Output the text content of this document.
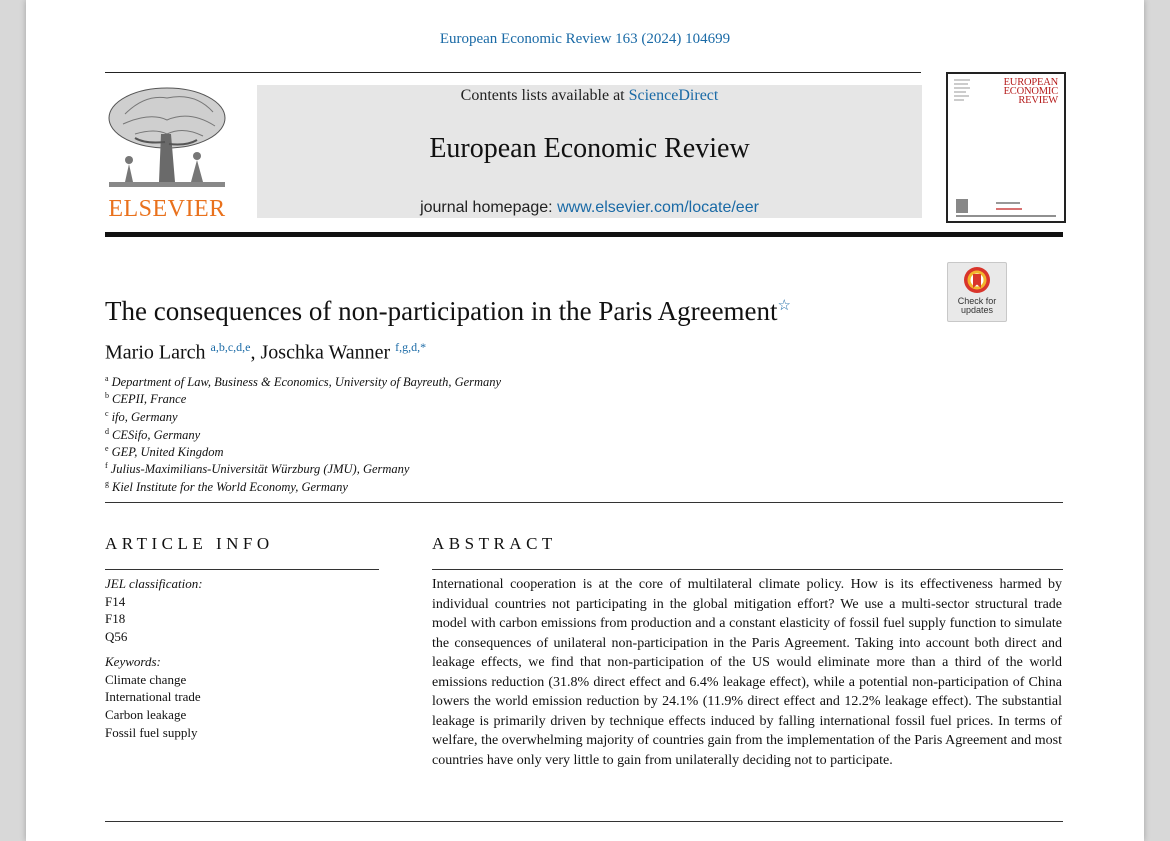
European Economic Review 163 (2024) 104699
ELSEVIER
Contents lists available at ScienceDirect
European Economic Review
journal homepage: www.elsevier.com/locate/eer
EUROPEAN
ECONOMIC
REVIEW
Check for
updates
The consequences of non-participation in the Paris Agreement☆
Mario Larch $^{a,b,c,d,e}$, Joschka Wanner $^{f,g,d,*}$
$^a$ Department of Law, Business & Economics, University of Bayreuth, Germany
$^b$ CEPII, France
$^c$ ifo, Germany
$^d$ CESifo, Germany
$^e$ GEP, United Kingdom
$^f$ Julius-Maximilians-Universität Würzburg (JMU), Germany
$^g$ Kiel Institute for the World Economy, Germany
ARTICLE INFO	ABSTRACT
JEL classification:
F14
F18
Q56
Keywords:
Climate change
International trade
Carbon leakage
Fossil fuel supply
International cooperation is at the core of multilateral climate policy. How is its effectiveness harmed by individual countries not participating in the global mitigation effort? We use a multi-sector structural trade model with carbon emissions from production and a constant elasticity of fossil fuel supply function to simulate the consequences of unilateral non-participation in the Paris Agreement. Taking into account both direct and leakage effects, we find that non-participation of the US would eliminate more than a third of the world emissions reduction (31.8% direct effect and 6.4% leakage effect), while a potential non-participation of China lowers the world emission reduction by 24.1% (11.9% direct effect and 12.2% leakage effect). The substantial leakage is primarily driven by technique effects induced by falling international fossil fuel prices. In terms of welfare, the overwhelming majority of countries gain from the implementation of the Paris Agreement and most countries have only very little to gain from unilaterally deciding not to participate.
